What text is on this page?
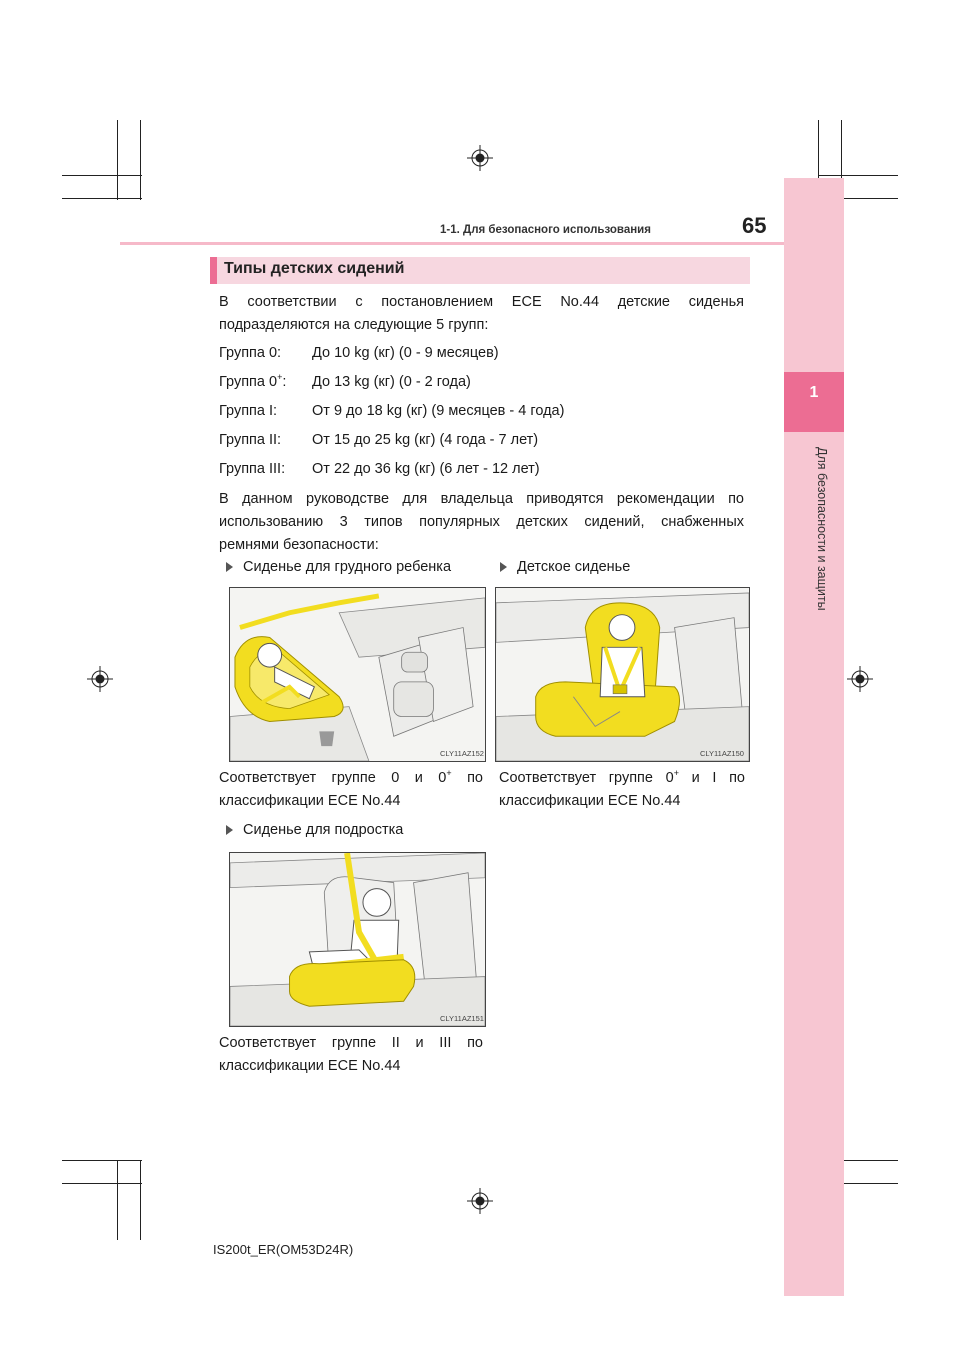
1
Для безопасности и защиты
1-1. Для безопасного использования	65
Типы детских сидений
В соответствии с постановлением ECE No.44 детские сиденья
подразделяются на следующие 5 групп:
Группа 0: До 10 kg (кг) (0 - 9 месяцев)
Группа 0+: До 13 kg (кг) (0 - 2 года)
Группа I: От 9 до 18 kg (кг) (9 месяцев - 4 года)
Группа II: От 15 до 25 kg (кг) (4 года - 7 лет)
Группа III: От 22 до 36 kg (кг) (6 лет - 12 лет)
В данном руководстве для владельца приводятся рекомендации по
использованию 3 типов популярных детских сидений, снабженных
ремнями безопасности:
Сиденье для грудного ребенка	Детское сиденье
CLY11AZ152	CLY11AZ150
Соответствует группе 0 и 0+ по
классификации ECE No.44
Соответствует группе 0+ и I по
классификации ECE No.44
Сиденье для подростка
CLY11AZ151
Соответствует группе II и III по
классификации ECE No.44
IS200t_ER(OM53D24R)
